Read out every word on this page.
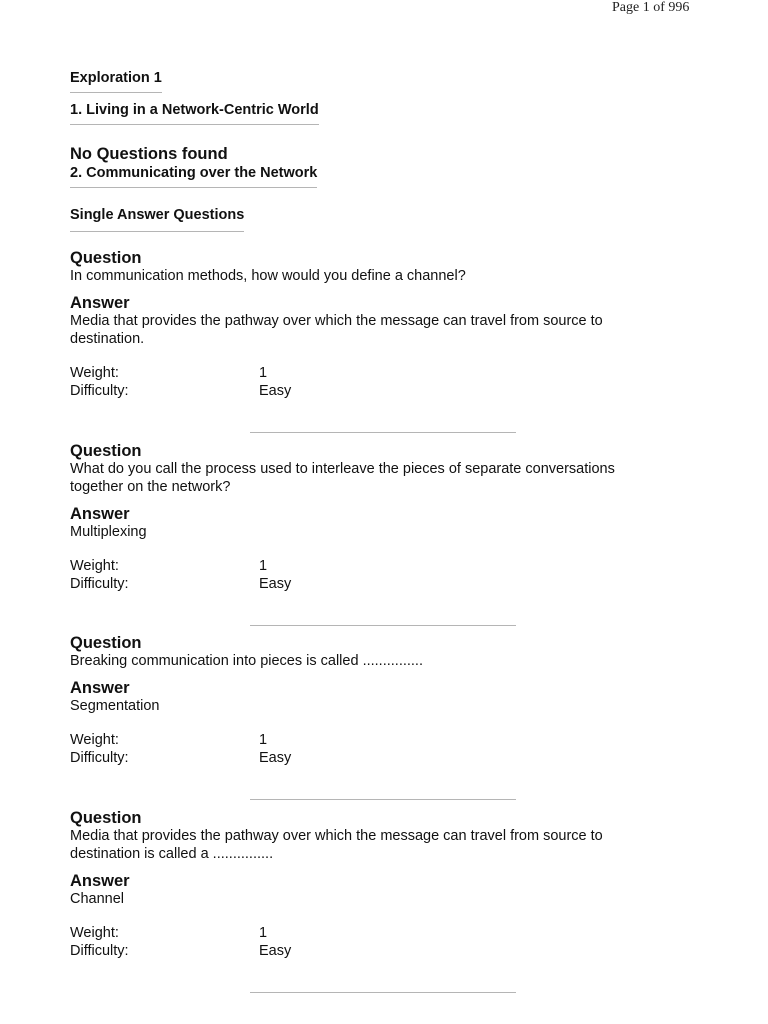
Page 1 of 996
Exploration 1
1. Living in a Network-Centric World
No Questions found
2. Communicating over the Network
Single Answer Questions
Question
In communication methods, how would you define a channel?
Answer
Media that provides the pathway over which the message can travel from source to destination.
Weight:	1
Difficulty:	Easy
Question
What do you call the process used to interleave the pieces of separate conversations together on the network?
Answer
Multiplexing
Weight:	1
Difficulty:	Easy
Question
Breaking communication into pieces is called ...............
Answer
Segmentation
Weight:	1
Difficulty:	Easy
Question
Media that provides the pathway over which the message can travel from source to destination is called a ...............
Answer
Channel
Weight:	1
Difficulty:	Easy
